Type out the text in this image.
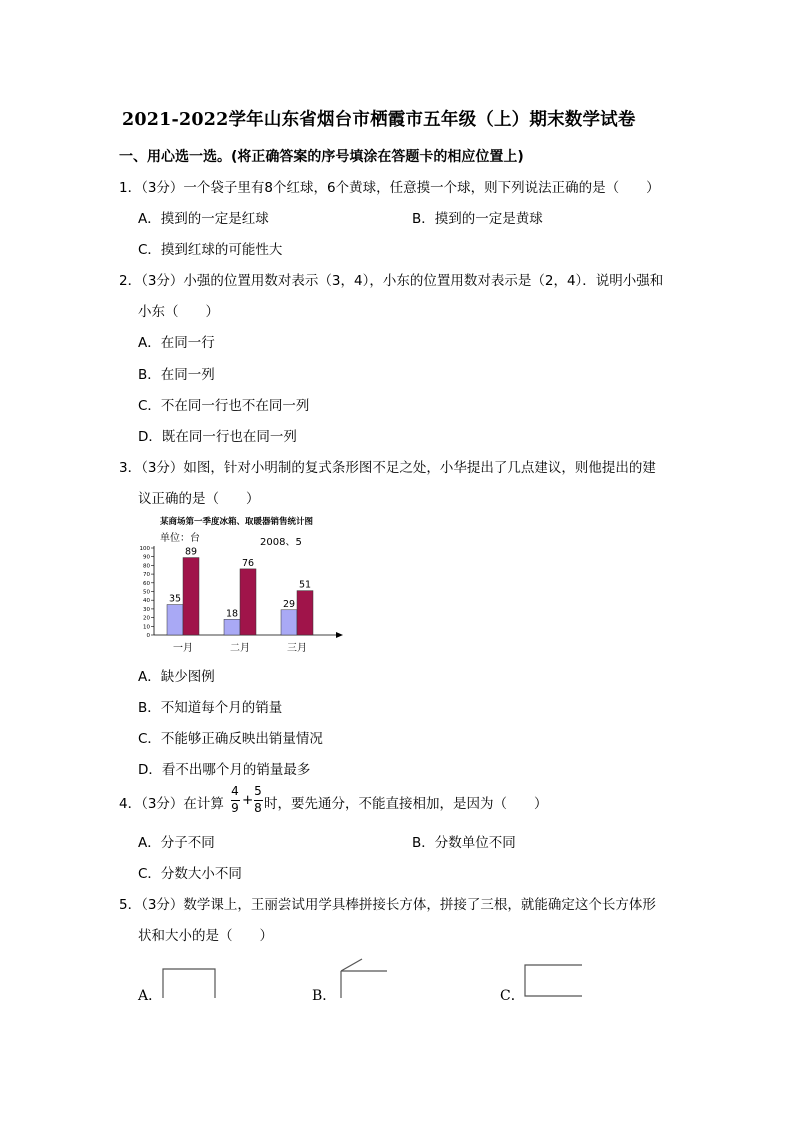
2021-2022学年山东省烟台市栖霞市五年级（上）期末数学试卷
一、用心选一选。(将正确答案的序号填涂在答题卡的相应位置上)
1．（3分）一个袋子里有8个红球，6个黄球，任意摸一个球，则下列说法正确的是（　　）
A．摸到的一定是红球	B．摸到的一定是黄球
C．摸到红球的可能性大
2．（3分）小强的位置用数对表示（3，4），小东的位置用数对表示是（2，4）．说明小强和
小东（　　）
A．在同一行
B．在同一列
C．不在同一行也不在同一列
D．既在同一行也在同一列
3．（3分）如图，针对小明制的复式条形图不足之处，小华提出了几点建议，则他提出的建
议正确的是（　　）
某商场第一季度冰箱、取暖器销售统计图
单位：台	2008、5
0
10
20
30
40
50
60
70
80
90
100
35
89
18
76
29
51
一月	二月	三月
A．缺少图例
B．不知道每个月的销量
C．不能够正确反映出销量情况
D．看不出哪个月的销量最多
4．（3分）在计算
4
9 +
5
8 时，要先通分，不能直接相加，是因为（　　）
A．分子不同	B．分数单位不同
C．分数大小不同
5．（3分）数学课上，王丽尝试用学具棒拼接长方体，拼接了三根，就能确定这个长方体形
状和大小的是（　　）
A．	B．	C．
